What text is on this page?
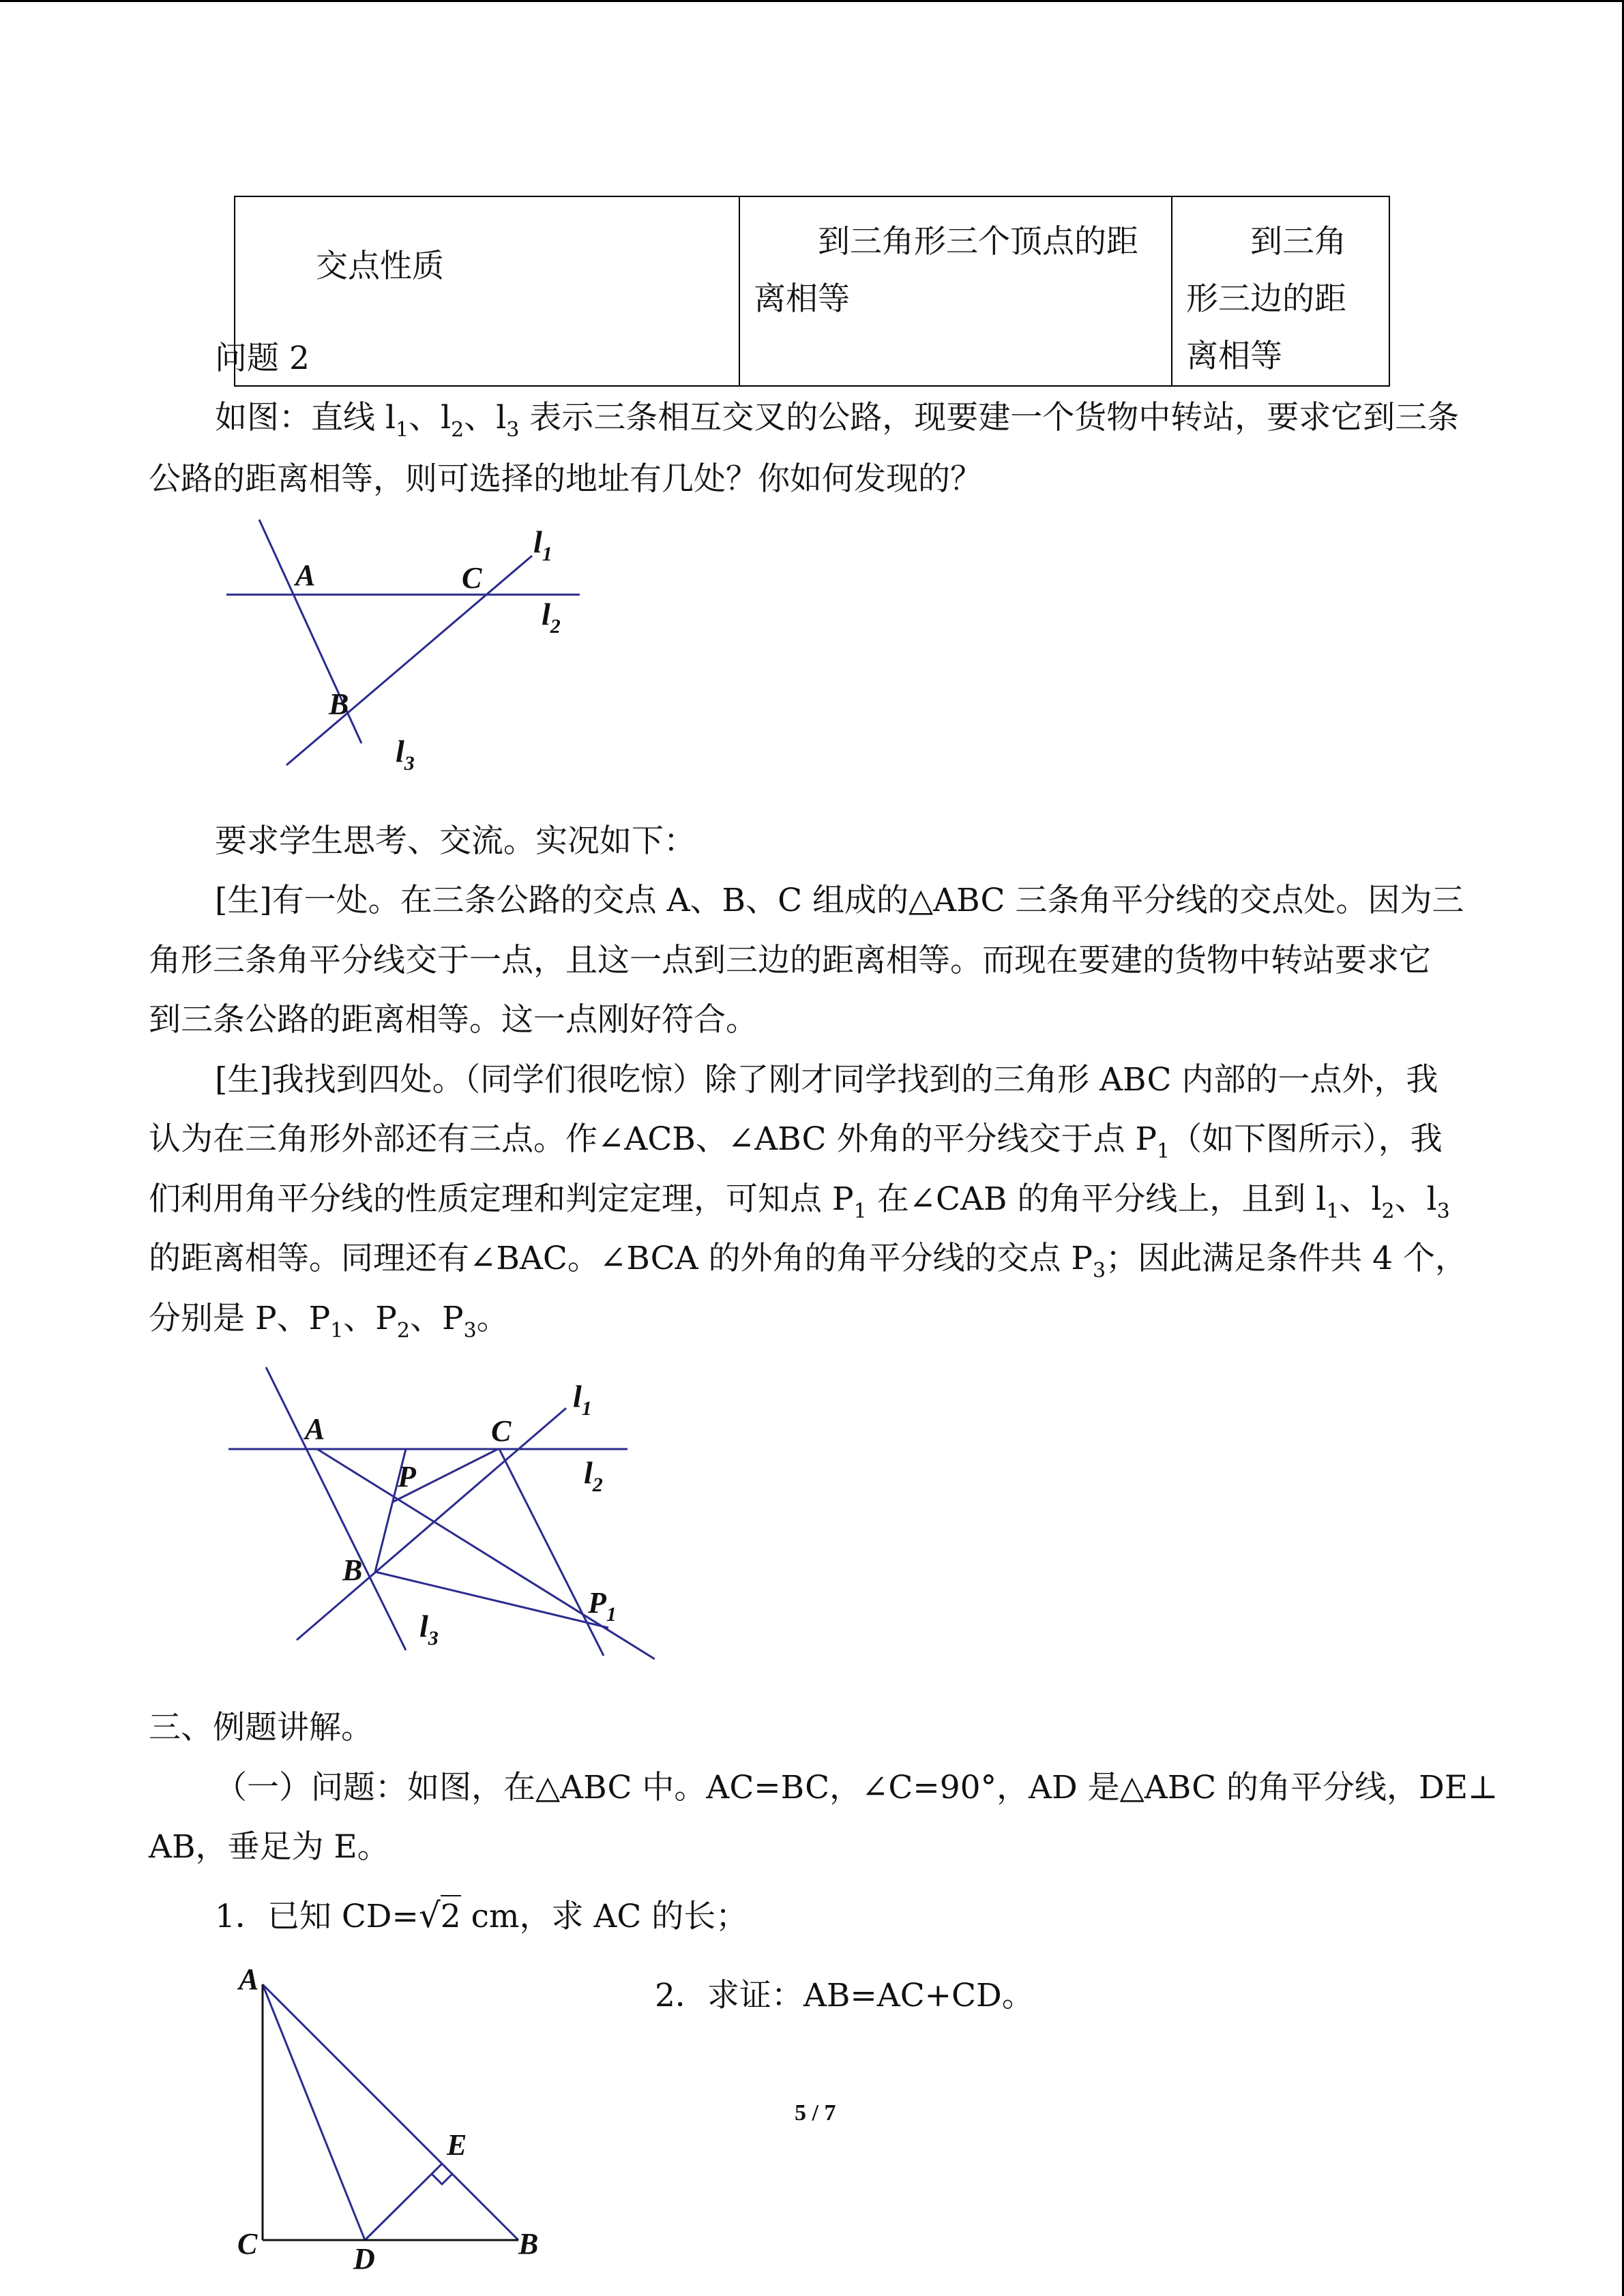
交点性质	到三角形三个顶点的距离相等	到三角形三边的距离相等
问题 2
如图：直线 $l_1$、$l_2$、$l_3$ 表示三条相互交叉的公路，现要建一个货物中转站，要求它到三条
公路的距离相等，则可选择的地址有几处？你如何发现的？
A	C
B
$l_1$
$l_2$
$l_3$
要求学生思考、交流。实况如下：
[生]有一处。在三条公路的交点 A、B、C 组成的△ABC 三条角平分线的交点处。因为三
角形三条角平分线交于一点，且这一点到三边的距离相等。而现在要建的货物中转站要求它
到三条公路的距离相等。这一点刚好符合。
[生]我找到四处。（同学们很吃惊）除了刚才同学找到的三角形 ABC 内部的一点外，我
认为在三角形外部还有三点。作∠ACB、∠ABC 外角的平分线交于点 $P_1$（如下图所示），我
们利用角平分线的性质定理和判定定理，可知点 $P_1$ 在∠CAB 的角平分线上，且到 $l_1$、$l_2$、$l_3$
的距离相等。同理还有∠BAC。∠BCA 的外角的角平分线的交点 $P_3$；因此满足条件共 4 个，
分别是 P、$P_1$、$P_2$、$P_3$。
A	C
P
B
$P_1$
$l_1$
$l_2$
$l_3$
三、例题讲解。
（一）问题：如图，在△ABC 中。AC=BC，∠C=90°，AD 是△ABC 的角平分线，DE⊥
AB，垂足为 E。
1．已知 CD=√2 cm，求 AC 的长；
2．求证：AB=AC+CD。
A
E
C	D	B
5 / 7
